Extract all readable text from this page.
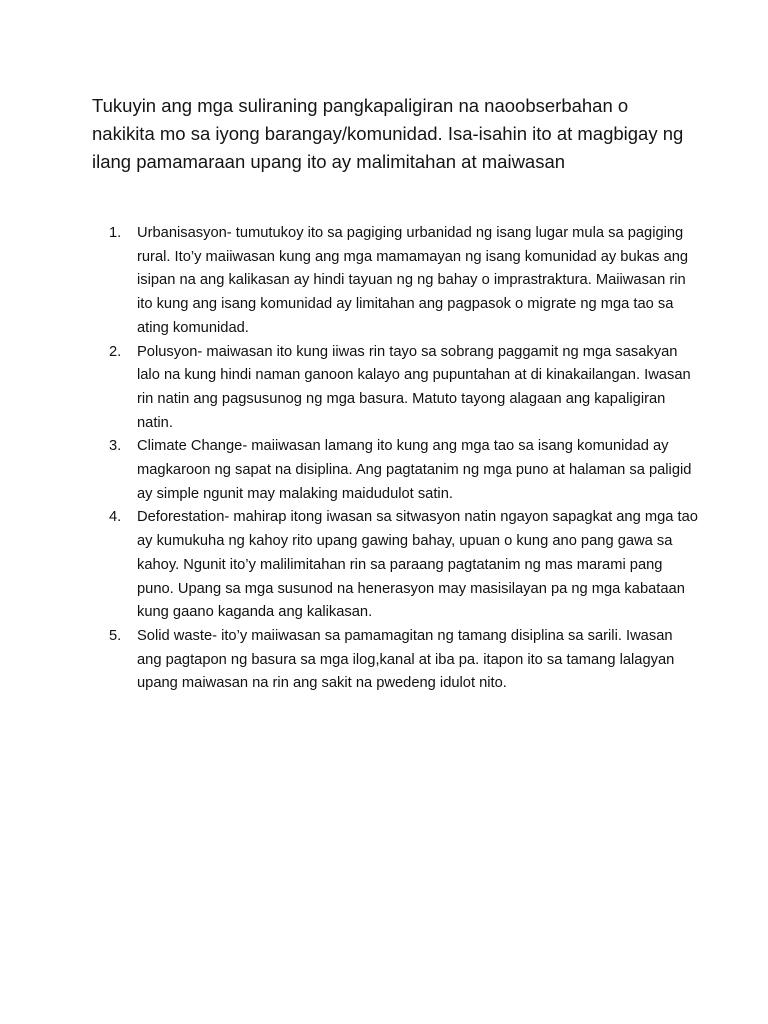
Tukuyin ang mga suliraning pangkapaligiran na naoobserbahan o nakikita mo sa iyong barangay/komunidad. Isa-isahin ito at magbigay ng ilang pamamaraan upang ito ay malimitahan at maiwasan

1.	Urbanisasyon- tumutukoy ito sa pagiging urbanidad ng isang lugar mula sa pagiging rural. Ito’y maiiwasan kung ang mga mamamayan ng isang komunidad ay bukas ang isipan na ang kalikasan ay hindi tayuan ng ng bahay o imprastraktura. Maiiwasan rin ito kung ang isang komunidad ay limitahan ang pagpasok o migrate ng mga tao sa ating komunidad.
2.	Polusyon- maiwasan ito kung iiwas rin tayo sa sobrang paggamit ng mga sasakyan lalo na kung hindi naman ganoon kalayo ang pupuntahan at di kinakailangan. Iwasan rin natin ang pagsusunog ng mga basura. Matuto tayong alagaan ang kapaligiran natin.
3.	Climate Change- maiiwasan lamang ito kung ang mga tao sa isang komunidad ay magkaroon ng sapat na disiplina. Ang pagtatanim ng mga puno at halaman sa paligid ay simple ngunit may malaking maidudulot satin.
4.	Deforestation- mahirap itong iwasan sa sitwasyon natin ngayon sapagkat ang mga tao ay kumukuha ng kahoy rito upang gawing bahay, upuan o kung ano pang gawa sa kahoy. Ngunit ito’y malilimitahan rin sa paraang pagtatanim ng mas marami pang puno. Upang sa mga susunod na henerasyon may masisilayan pa ng mga kabataan kung gaano kaganda ang kalikasan.
5.	Solid waste- ito’y maiiwasan sa pamamagitan ng tamang disiplina sa sarili. Iwasan ang pagtapon ng basura sa mga ilog,kanal at iba pa. itapon ito sa tamang lalagyan upang maiwasan na rin ang sakit na pwedeng idulot nito.
